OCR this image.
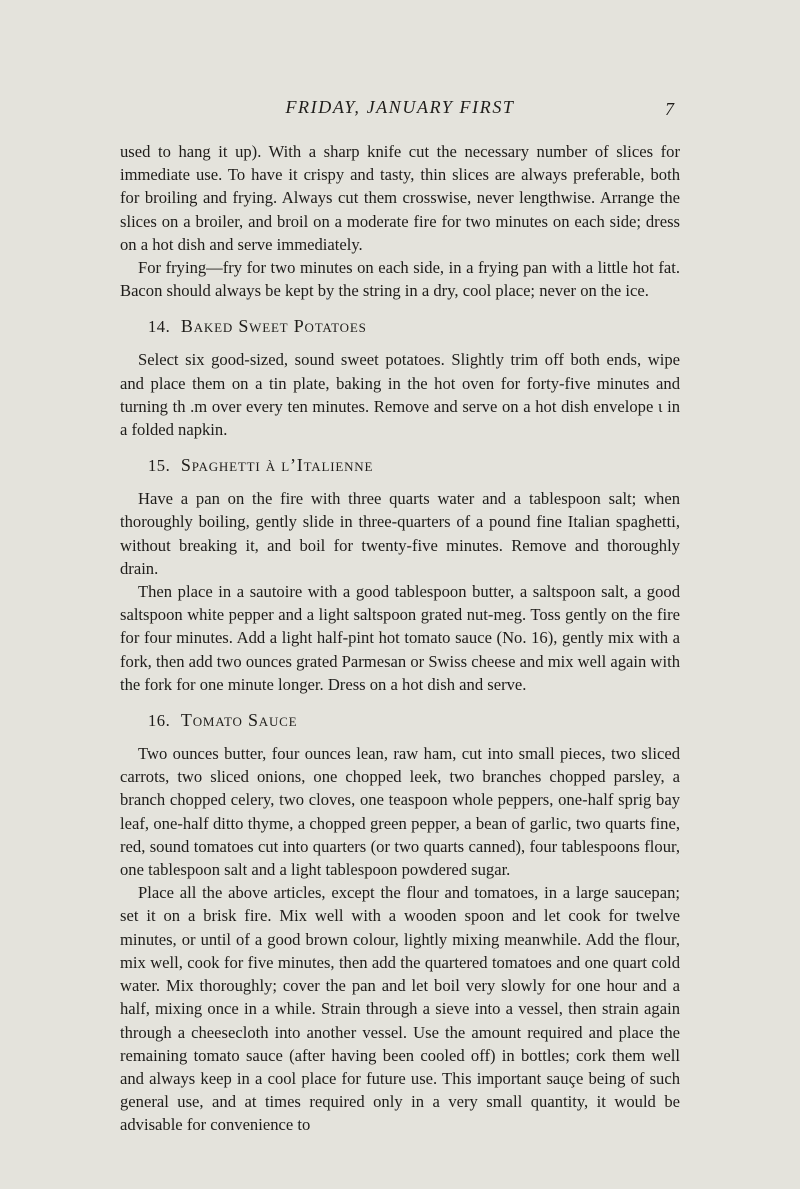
FRIDAY, JANUARY FIRST	7

used to hang it up). With a sharp knife cut the necessary number of slices for immediate use. To have it crispy and tasty, thin slices are always preferable, both for broiling and frying. Always cut them crosswise, never lengthwise. Arrange the slices on a broiler, and broil on a moderate fire for two minutes on each side; dress on a hot dish and serve immediately.

For frying—fry for two minutes on each side, in a frying pan with a little hot fat. Bacon should always be kept by the string in a dry, cool place; never on the ice.

14. Baked Sweet Potatoes

Select six good-sized, sound sweet potatoes. Slightly trim off both ends, wipe and place them on a tin plate, baking in the hot oven for forty-five minutes and turning th .m over every ten minutes. Remove and serve on a hot dish envelope ι in a folded napkin.

15. Spaghetti à l’Italienne

Have a pan on the fire with three quarts water and a tablespoon salt; when thoroughly boiling, gently slide in three-quarters of a pound fine Italian spaghetti, without breaking it, and boil for twenty-five minutes. Remove and thoroughly drain.

Then place in a sautoire with a good tablespoon butter, a saltspoon salt, a good saltspoon white pepper and a light saltspoon grated nut-meg. Toss gently on the fire for four minutes. Add a light half-pint hot tomato sauce (No. 16), gently mix with a fork, then add two ounces grated Parmesan or Swiss cheese and mix well again with the fork for one minute longer. Dress on a hot dish and serve.

16. Tomato Sauce

Two ounces butter, four ounces lean, raw ham, cut into small pieces, two sliced carrots, two sliced onions, one chopped leek, two branches chopped parsley, a branch chopped celery, two cloves, one teaspoon whole peppers, one-half sprig bay leaf, one-half ditto thyme, a chopped green pepper, a bean of garlic, two quarts fine, red, sound tomatoes cut into quarters (or two quarts canned), four tablespoons flour, one tablespoon salt and a light tablespoon powdered sugar.

Place all the above articles, except the flour and tomatoes, in a large saucepan; set it on a brisk fire. Mix well with a wooden spoon and let cook for twelve minutes, or until of a good brown colour, lightly mixing meanwhile. Add the flour, mix well, cook for five minutes, then add the quartered tomatoes and one quart cold water. Mix thoroughly; cover the pan and let boil very slowly for one hour and a half, mixing once in a while. Strain through a sieve into a vessel, then strain again through a cheesecloth into another vessel. Use the amount required and place the remaining tomato sauce (after having been cooled off) in bottles; cork them well and always keep in a cool place for future use. This important sauçe being of such general use, and at times required only in a very small quantity, it would be advisable for convenience to
